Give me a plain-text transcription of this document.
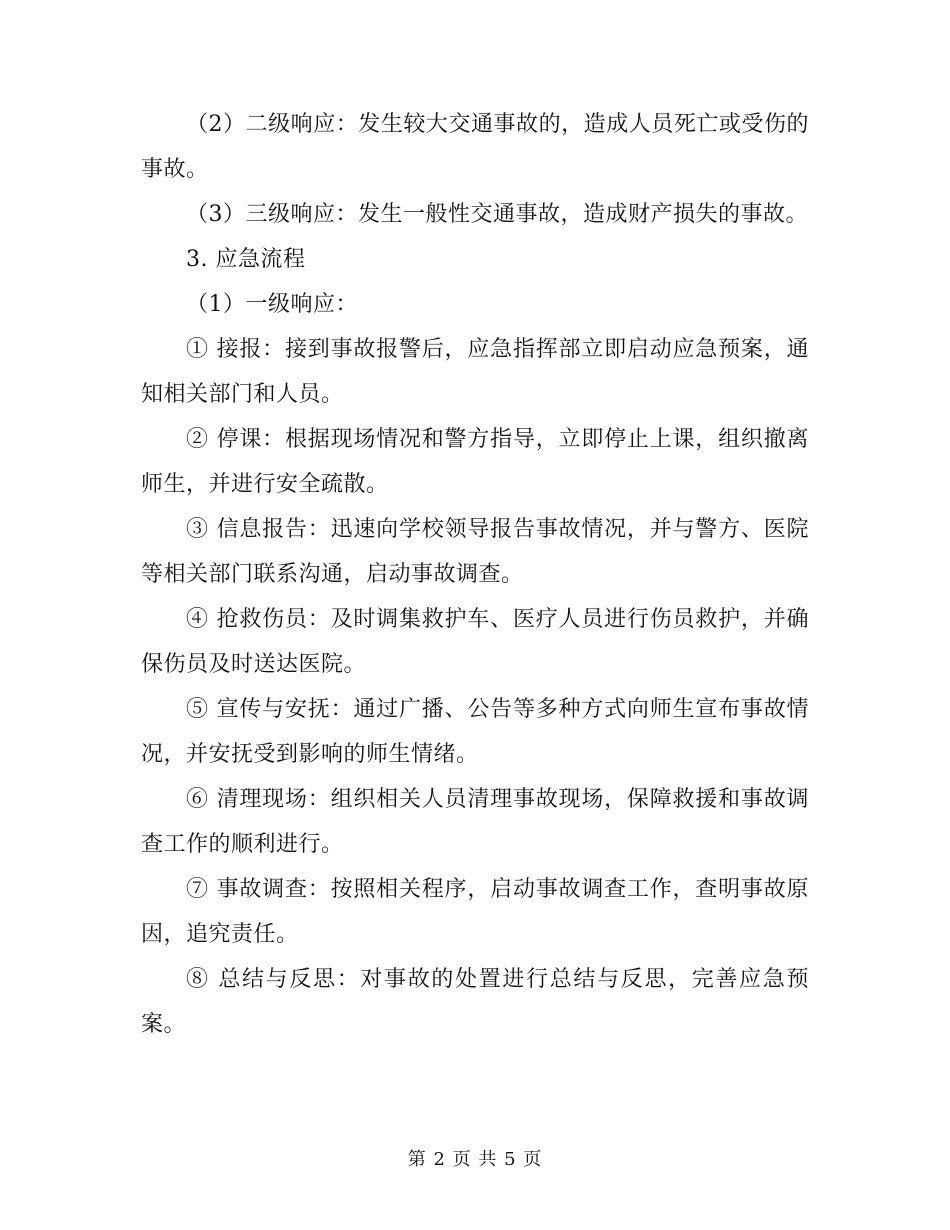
（2）二级响应：发生较大交通事故的，造成人员死亡或受伤的事故。

（3）三级响应：发生一般性交通事故，造成财产损失的事故。

3. 应急流程

（1）一级响应：

① 接报：接到事故报警后，应急指挥部立即启动应急预案，通知相关部门和人员。

② 停课：根据现场情况和警方指导，立即停止上课，组织撤离师生，并进行安全疏散。

③ 信息报告：迅速向学校领导报告事故情况，并与警方、医院等相关部门联系沟通，启动事故调查。

④ 抢救伤员：及时调集救护车、医疗人员进行伤员救护，并确保伤员及时送达医院。

⑤ 宣传与安抚：通过广播、公告等多种方式向师生宣布事故情况，并安抚受到影响的师生情绪。

⑥ 清理现场：组织相关人员清理事故现场，保障救援和事故调查工作的顺利进行。

⑦ 事故调查：按照相关程序，启动事故调查工作，查明事故原因，追究责任。

⑧ 总结与反思：对事故的处置进行总结与反思，完善应急预案。

第 2 页 共 5 页
